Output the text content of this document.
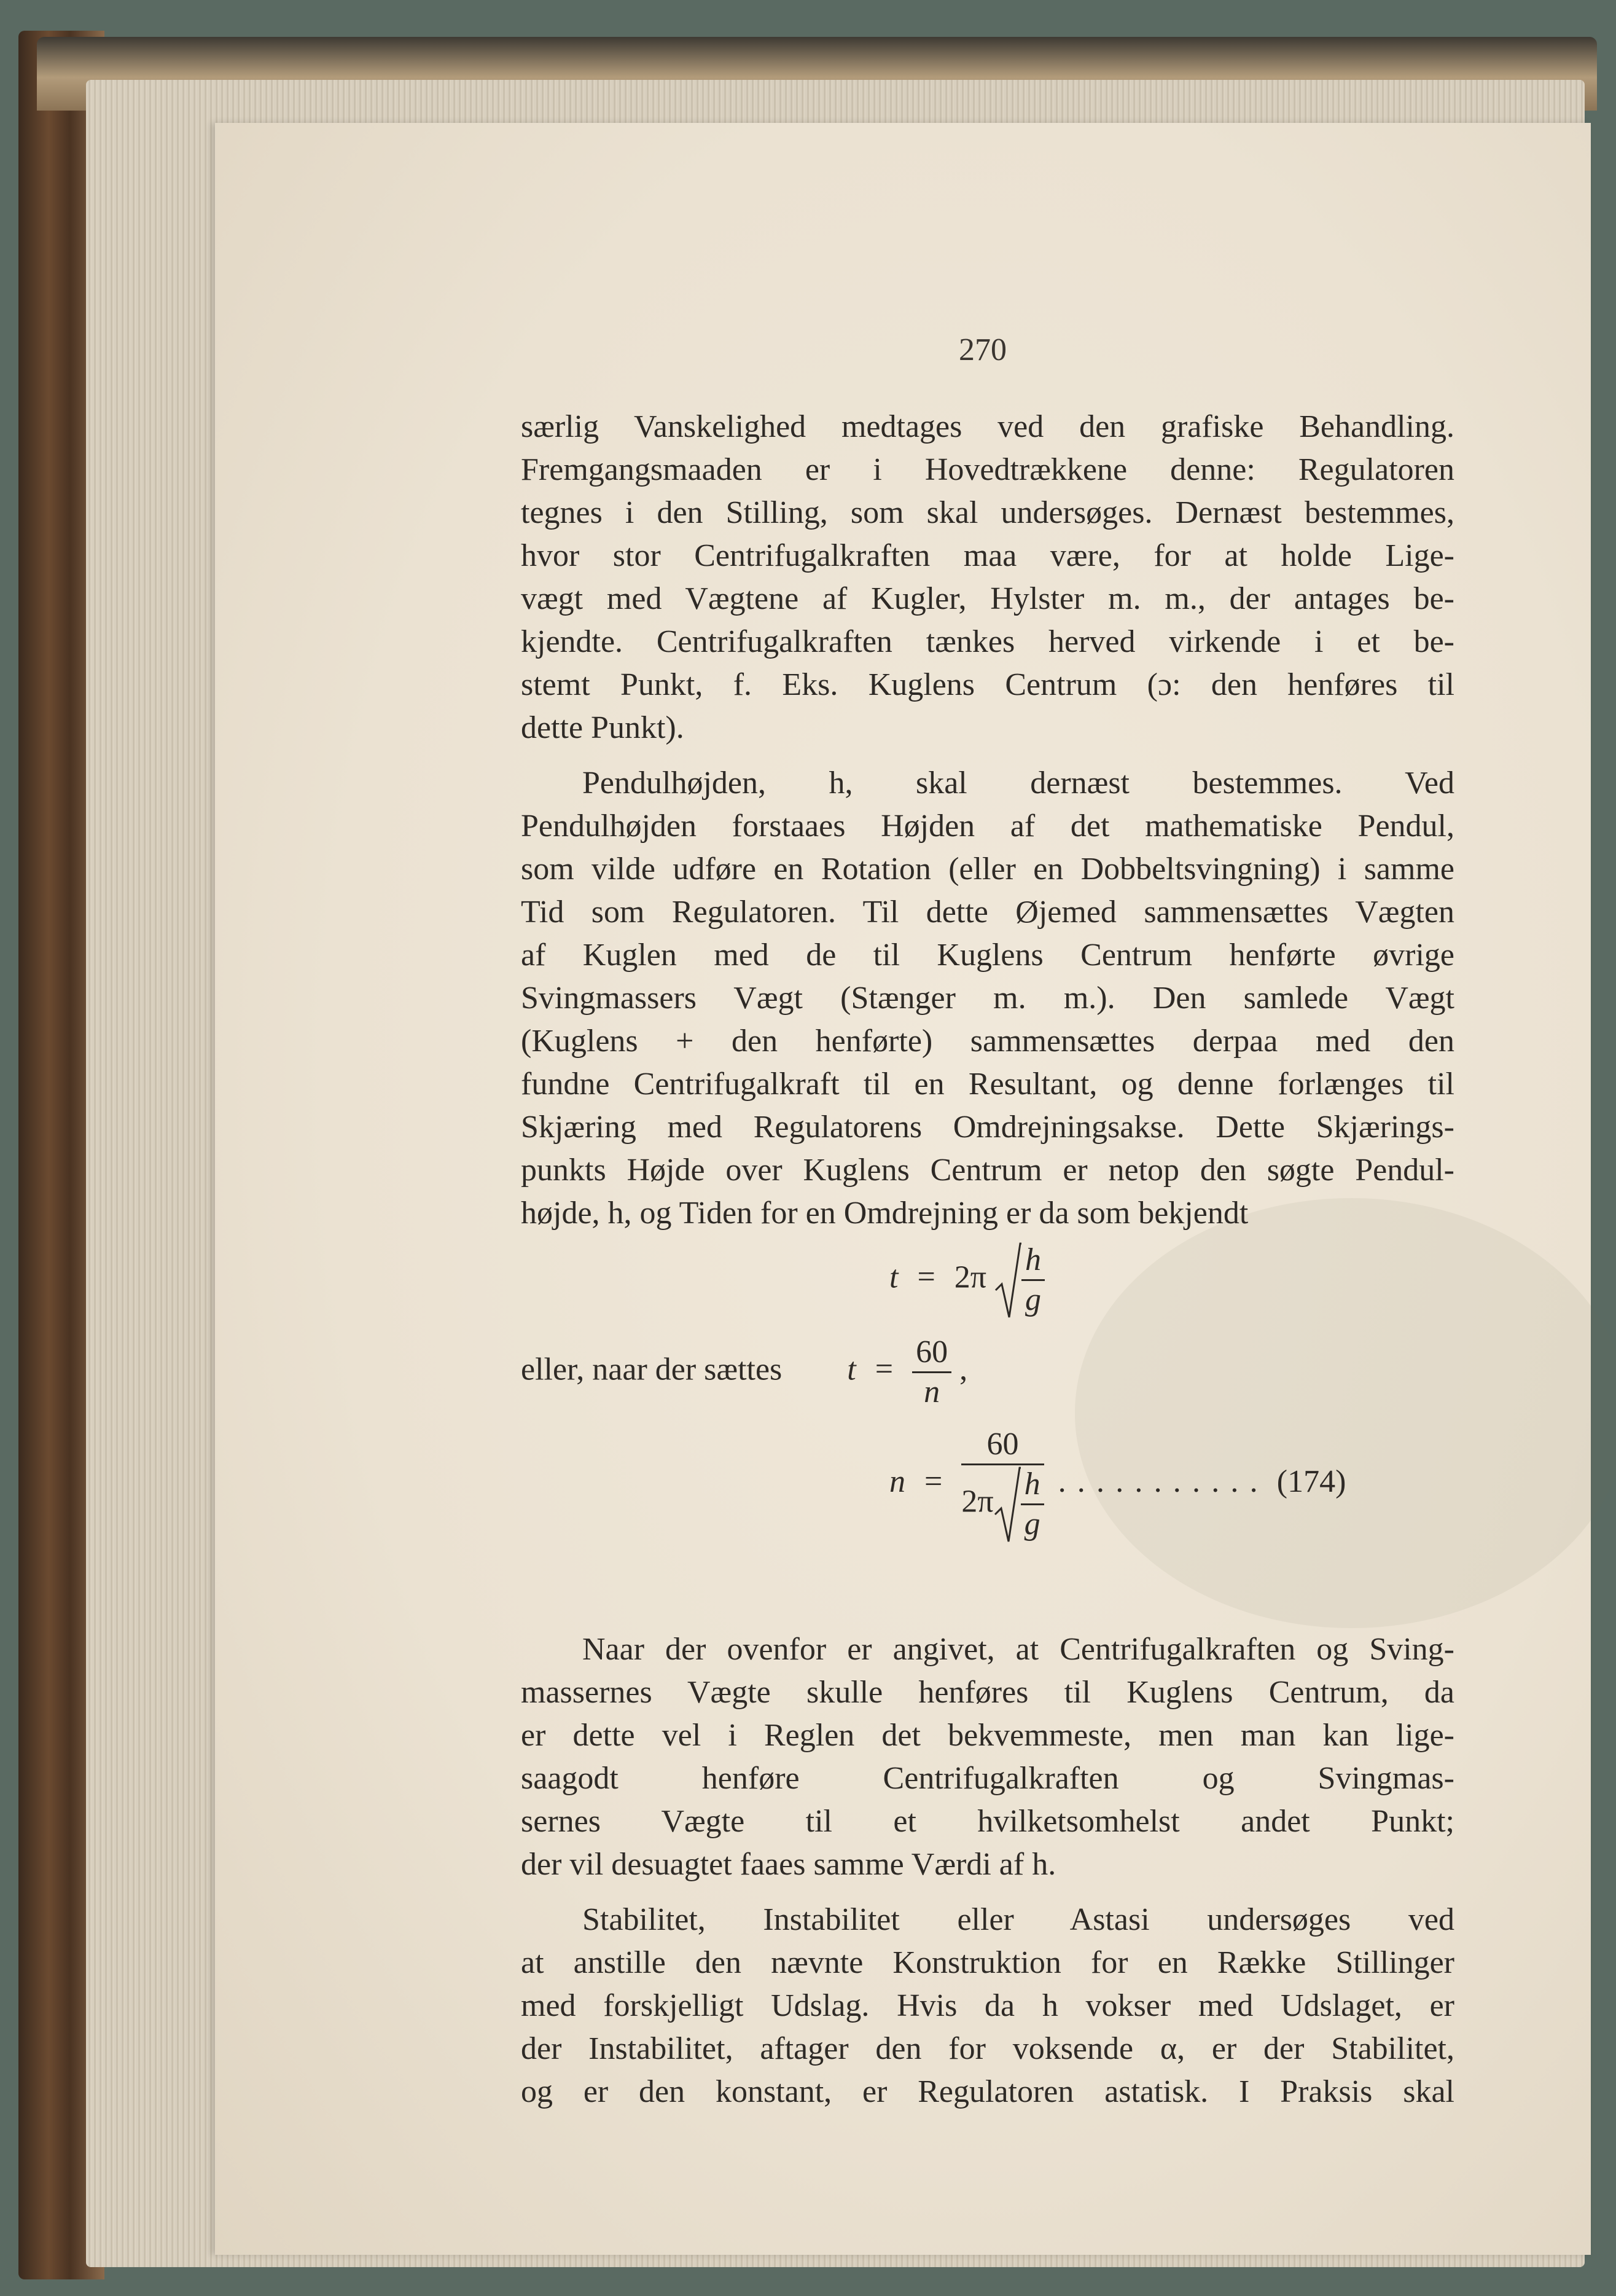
270
særlig Vanskelighed medtages ved den grafiske Behandling.
Fremgangsmaaden er i Hovedtrækkene denne: Regulatoren
tegnes i den Stilling, som skal undersøges. Dernæst bestemmes,
hvor stor Centrifugalkraften maa være, for at holde Lige-
vægt med Vægtene af Kugler, Hylster m. m., der antages be-
kjendte. Centrifugalkraften tænkes herved virkende i et be-
stemt Punkt, f. Eks. Kuglens Centrum (ɔ: den henføres til
dette Punkt).
Pendulhøjden, h, skal dernæst bestemmes. Ved
Pendulhøjden forstaaes Højden af det mathematiske Pendul,
som vilde udføre en Rotation (eller en Dobbeltsvingning) i samme
Tid som Regulatoren. Til dette Øjemed sammensættes Vægten
af Kuglen med de til Kuglens Centrum henførte øvrige
Svingmassers Vægt (Stænger m. m.). Den samlede Vægt
(Kuglens + den henførte) sammensættes derpaa med den
fundne Centrifugalkraft til en Resultant, og denne forlænges til
Skjæring med Regulatorens Omdrejningsakse. Dette Skjærings-
punkts Højde over Kuglens Centrum er netop den søgte Pendul-
højde, h, og Tiden for en Omdrejning er da som bekjendt
$t = 2\pi \frac{h}{g}$
eller, naar der sættes $t = \frac{60}{n}$ ,
$n = \frac{60}{2\pi \frac{h}{g}}$ ........... (174)
Naar der ovenfor er angivet, at Centrifugalkraften og Sving-
massernes Vægte skulle henføres til Kuglens Centrum, da
er dette vel i Reglen det bekvemmeste, men man kan lige-
saagodt henføre Centrifugalkraften og Svingmas-
sernes Vægte til et hvilketsomhelst andet Punkt;
der vil desuagtet faaes samme Værdi af h.
Stabilitet, Instabilitet eller Astasi undersøges ved
at anstille den nævnte Konstruktion for en Række Stillinger
med forskjelligt Udslag. Hvis da h vokser med Udslaget, er
der Instabilitet, aftager den for voksende α, er der Stabilitet,
og er den konstant, er Regulatoren astatisk. I Praksis skal
